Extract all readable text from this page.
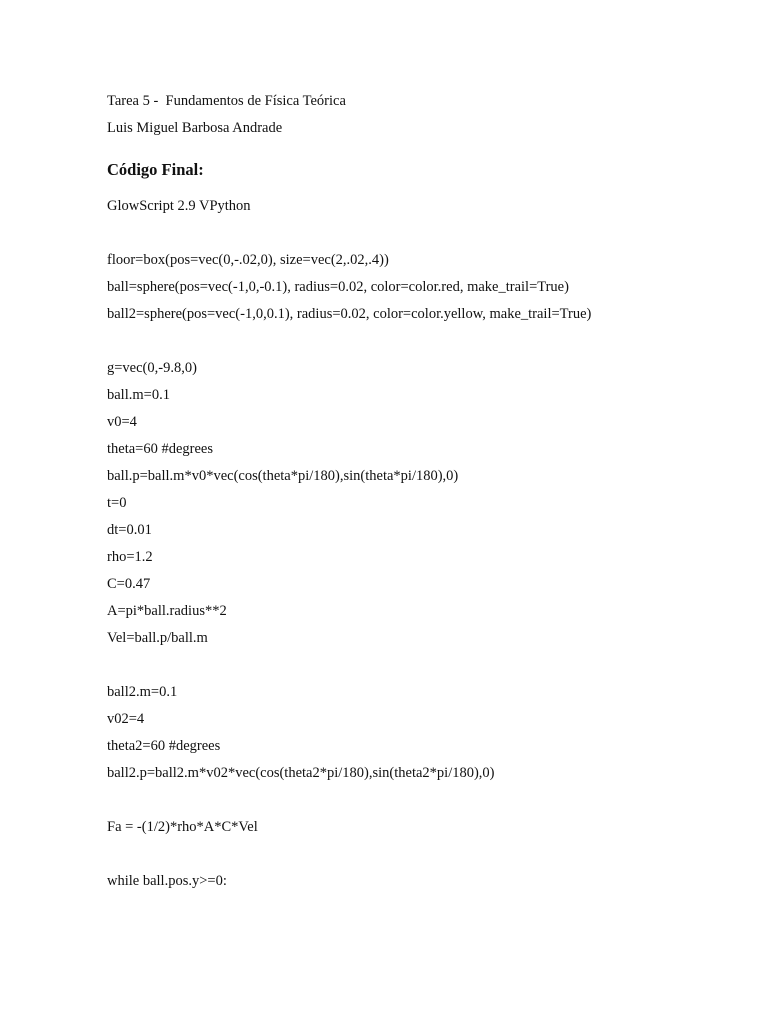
Tarea 5 -  Fundamentos de Física Teórica
Luis Miguel Barbosa Andrade
Código Final:
GlowScript 2.9 VPython
floor=box(pos=vec(0,-.02,0), size=vec(2,.02,.4))
ball=sphere(pos=vec(-1,0,-0.1), radius=0.02, color=color.red, make_trail=True)
ball2=sphere(pos=vec(-1,0,0.1), radius=0.02, color=color.yellow, make_trail=True)
g=vec(0,-9.8,0)
ball.m=0.1
v0=4
theta=60 #degrees
ball.p=ball.m*v0*vec(cos(theta*pi/180),sin(theta*pi/180),0)
t=0
dt=0.01
rho=1.2
C=0.47
A=pi*ball.radius**2
Vel=ball.p/ball.m
ball2.m=0.1
v02=4
theta2=60 #degrees
ball2.p=ball2.m*v02*vec(cos(theta2*pi/180),sin(theta2*pi/180),0)
Fa = -(1/2)*rho*A*C*Vel
while ball.pos.y>=0:
